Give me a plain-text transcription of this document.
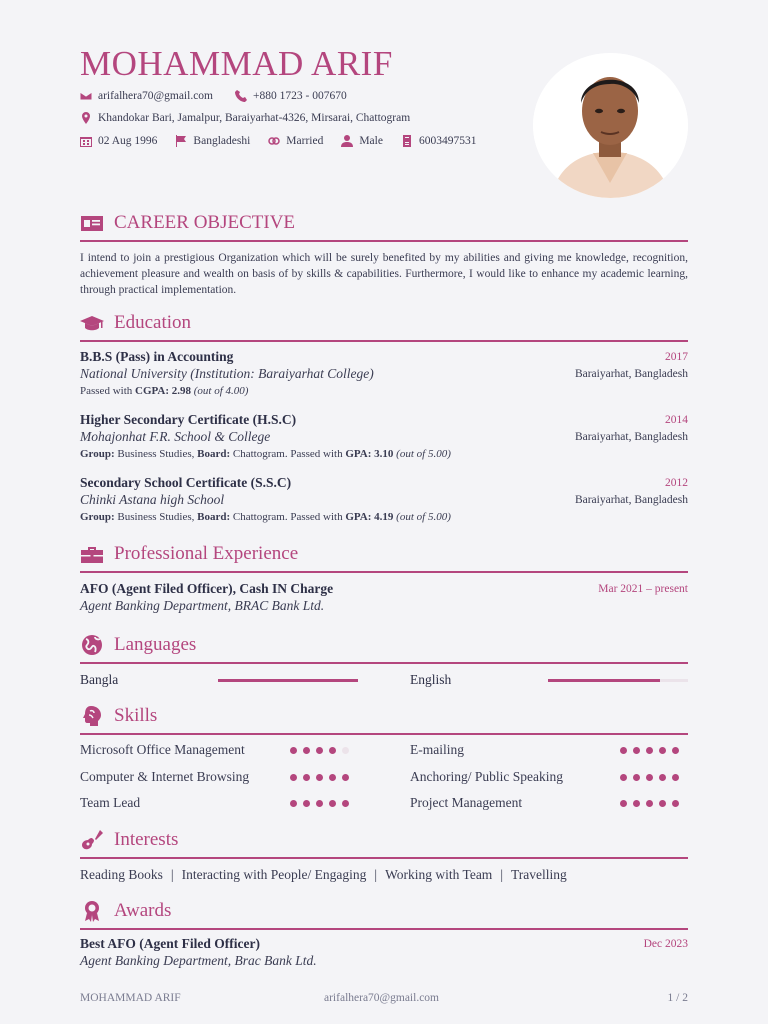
MOHAMMAD ARIF
arifalhera70@gmail.com	+880 1723 - 007670
Khandokar Bari, Jamalpur, Baraiyarhat-4326, Mirsarai, Chattogram
02 Aug 1996	Bangladeshi	Married	Male	6003497531
CAREER OBJECTIVE
I intend to join a prestigious Organization which will be surely benefited by my abilities and giving me knowledge, recognition, achievement pleasure and wealth on basis of by skills & capabilities. Furthermore, I would like to enhance my academic learning, through practical implementation.
Education
B.B.S (Pass) in Accounting
National University (Institution: Baraiyarhat College)
Passed with CGPA: 2.98 (out of 4.00)
2017
Baraiyarhat, Bangladesh
Higher Secondary Certificate (H.S.C)
Mohajonhat F.R. School & College
Group: Business Studies, Board: Chattogram. Passed with GPA: 3.10 (out of 5.00)
2014
Baraiyarhat, Bangladesh
Secondary School Certificate (S.S.C)
Chinki Astana high School
Group: Business Studies, Board: Chattogram. Passed with GPA: 4.19 (out of 5.00)
2012
Baraiyarhat, Bangladesh
Professional Experience
AFO (Agent Filed Officer), Cash IN Charge
Agent Banking Department, BRAC Bank Ltd.
Mar 2021 – present
Languages
Bangla	English
Skills
Microsoft Office Management	E-mailing
Computer & Internet Browsing	Anchoring/ Public Speaking
Team Lead	Project Management
Interests
Reading Books | Interacting with People/ Engaging | Working with Team | Travelling
Awards
Best AFO (Agent Filed Officer)
Agent Banking Department, Brac Bank Ltd.
Dec 2023
MOHAMMAD ARIF	arifalhera70@gmail.com	1 / 2
